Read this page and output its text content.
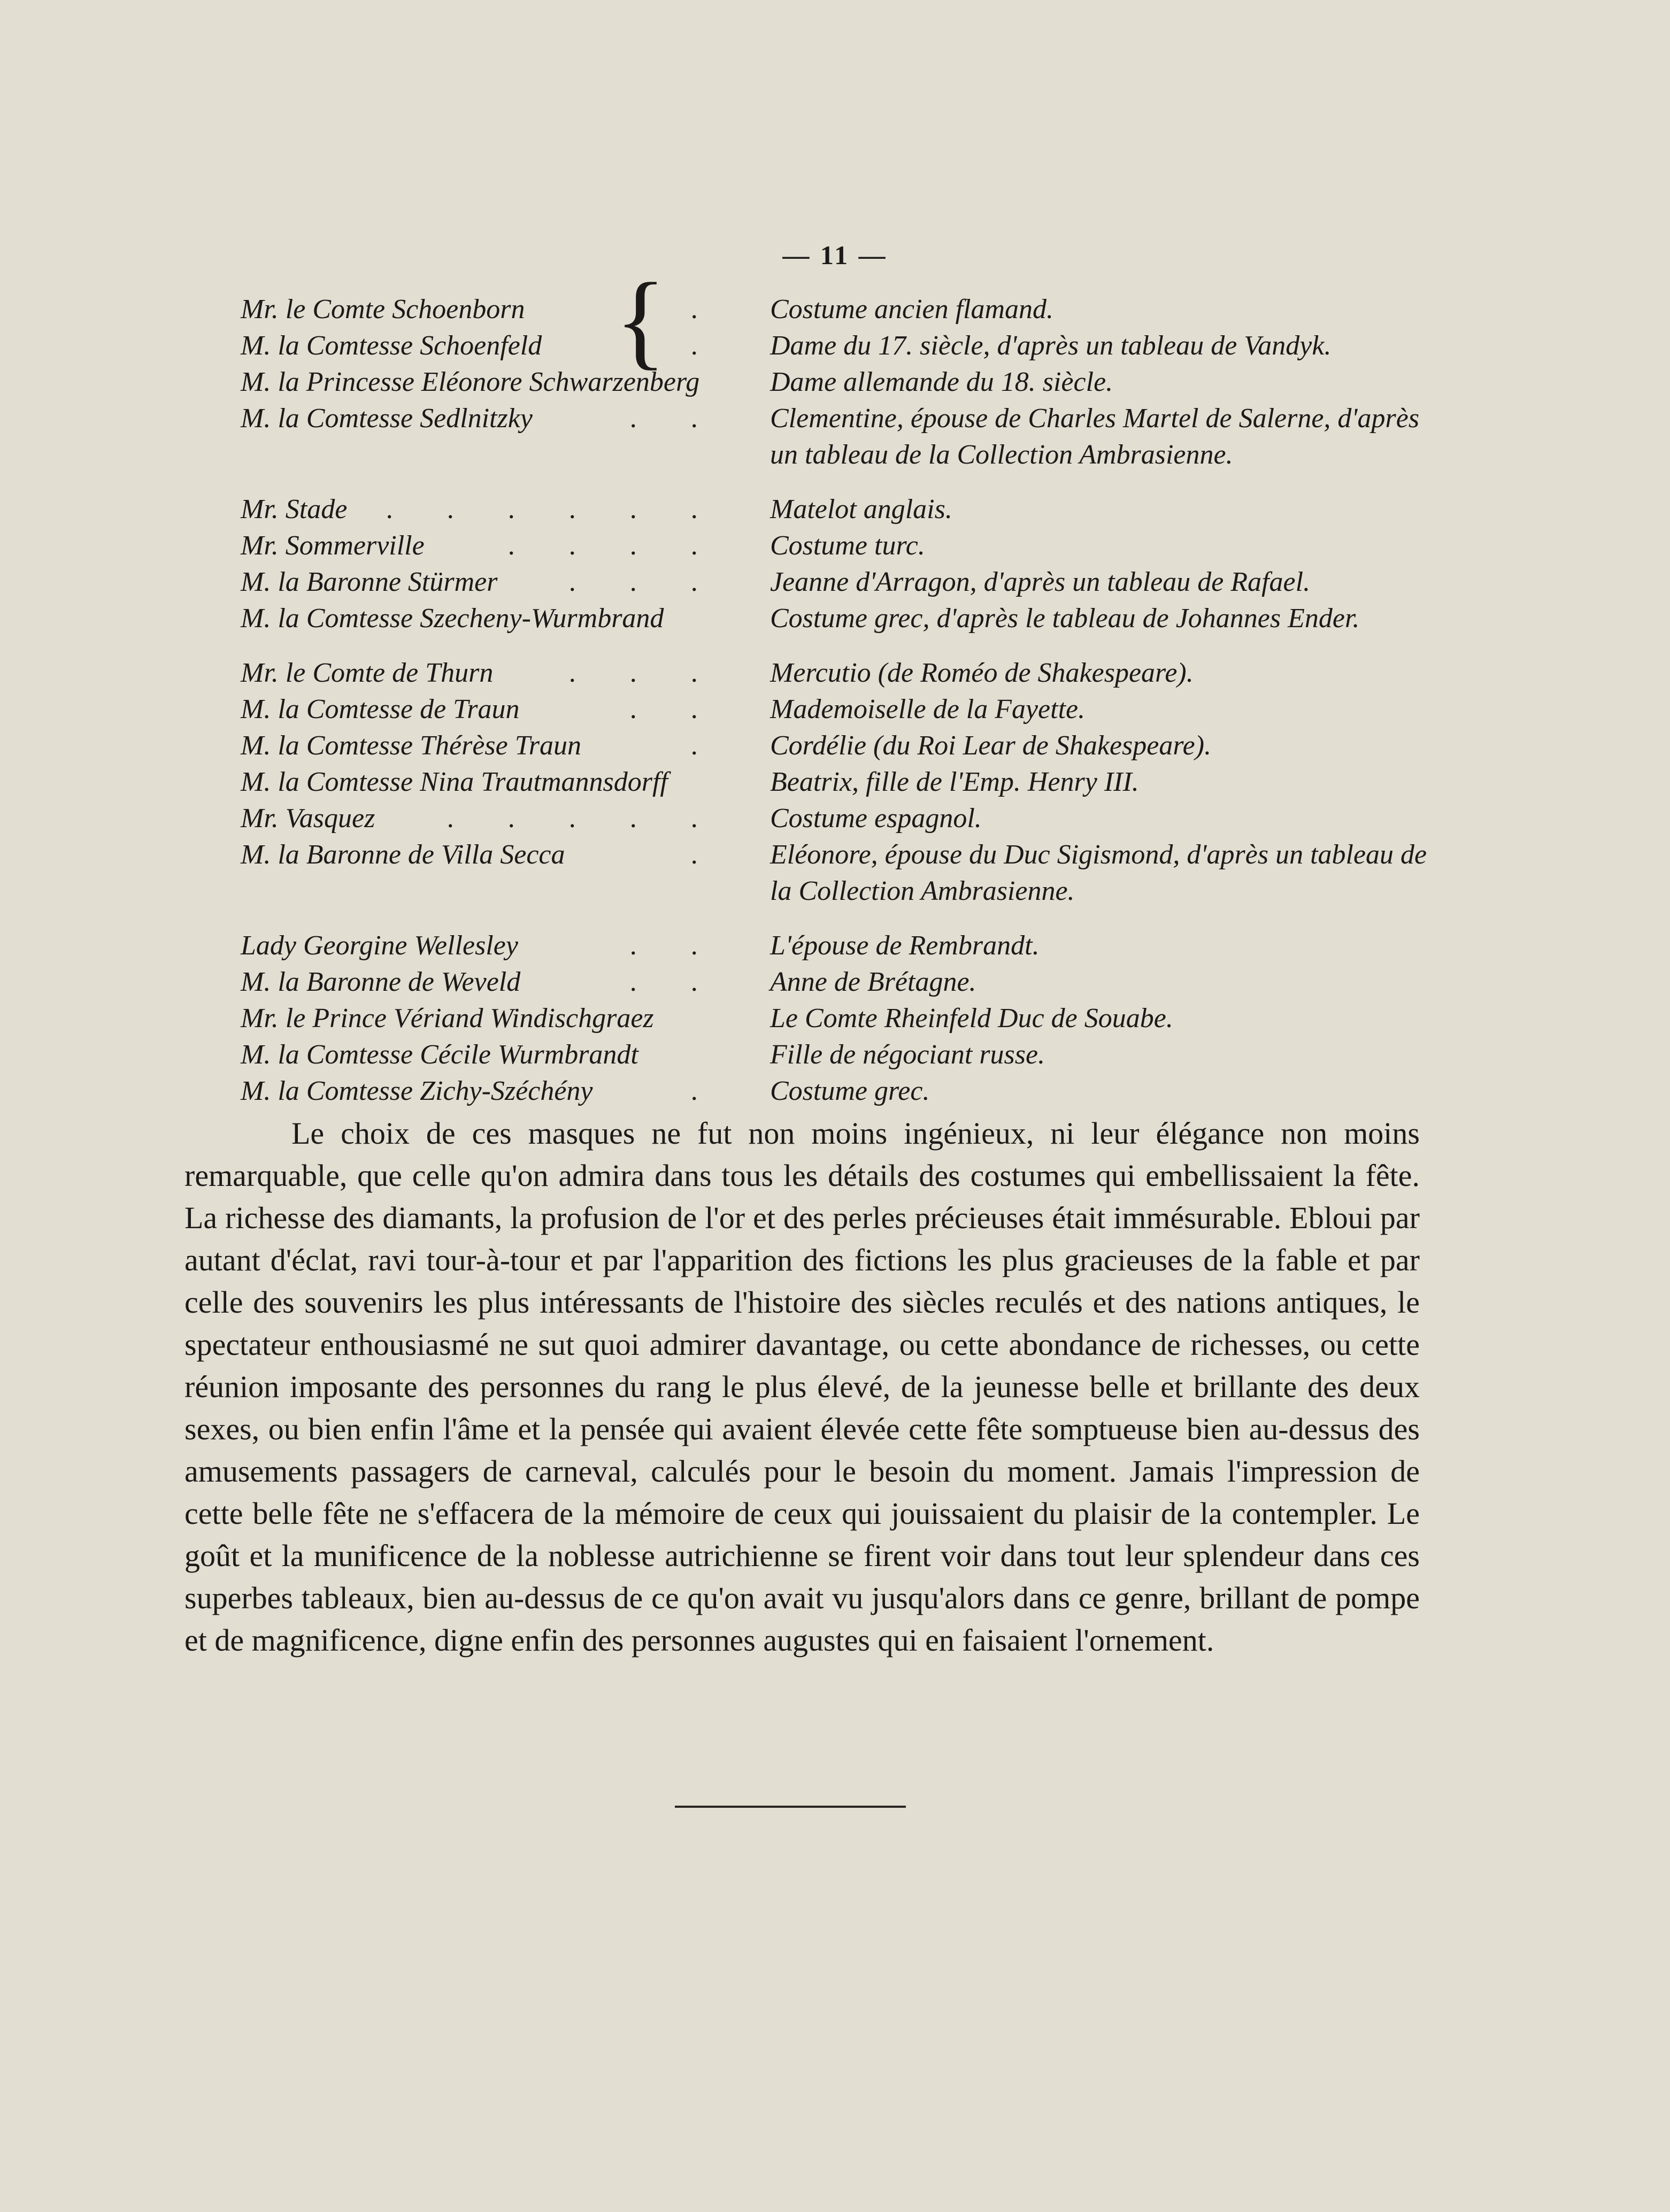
— 11 —
{
Mr. le Comte Schoenborn	. Costume ancien flamand.
M. la Comtesse Schoenfeld	. Dame du 17. siècle, d'après un tableau de Vandyk.
M. la Princesse Eléonore Schwarzenberg	Dame allemande du 18. siècle.
M. la Comtesse Sedlnitzky	. . Clementine, épouse de Charles Martel de Salerne, d'après un tableau de la Collection Ambrasienne.
Mr. Stade	. . . . . . Matelot anglais.
Mr. Sommerville	. . . . Costume turc.
M. la Baronne Stürmer	. . . Jeanne d'Arragon, d'après un tableau de Rafael.
M. la Comtesse Szecheny-Wurmbrand	Costume grec, d'après le tableau de Johannes Ender.
Mr. le Comte de Thurn	. . . Mercutio (de Roméo de Shakespeare).
M. la Comtesse de Traun	. . Mademoiselle de la Fayette.
M. la Comtesse Thérèse Traun	. Cordélie (du Roi Lear de Shakespeare).
M. la Comtesse Nina Trautmannsdorff	Beatrix, fille de l'Emp. Henry III.
Mr. Vasquez	. . . . . Costume espagnol.
M. la Baronne de Villa Secca	. Eléonore, épouse du Duc Sigismond, d'après un tableau de la Collection Ambrasienne.
Lady Georgine Wellesley	. . L'épouse de Rembrandt.
M. la Baronne de Weveld	. . Anne de Brétagne.
Mr. le Prince Vériand Windischgraez	Le Comte Rheinfeld Duc de Souabe.
M. la Comtesse Cécile Wurmbrandt	Fille de négociant russe.
M. la Comtesse Zichy-Széchény	. Costume grec.
Le choix de ces masques ne fut non moins ingénieux, ni leur élégance non moins remarquable, que celle qu'on admira dans tous les détails des costumes qui embellissaient la fête. La richesse des diamants, la profusion de l'or et des perles précieuses était immésurable. Ebloui par autant d'éclat, ravi tour-à-tour et par l'apparition des fictions les plus gracieuses de la fable et par celle des souvenirs les plus intéressants de l'histoire des siècles reculés et des nations antiques, le spectateur enthousiasmé ne sut quoi admirer davantage, ou cette abondance de richesses, ou cette réunion imposante des personnes du rang le plus élevé, de la jeunesse belle et brillante des deux sexes, ou bien enfin l'âme et la pensée qui avaient élevée cette fête somptueuse bien au-dessus des amusements passagers de carneval, calculés pour le besoin du moment. Jamais l'impression de cette belle fête ne s'effacera de la mémoire de ceux qui jouissaient du plaisir de la contempler. Le goût et la munificence de la noblesse autrichienne se firent voir dans tout leur splendeur dans ces superbes tableaux, bien au-dessus de ce qu'on avait vu jusqu'alors dans ce genre, brillant de pompe et de magnificence, digne enfin des personnes augustes qui en faisaient l'ornement.
